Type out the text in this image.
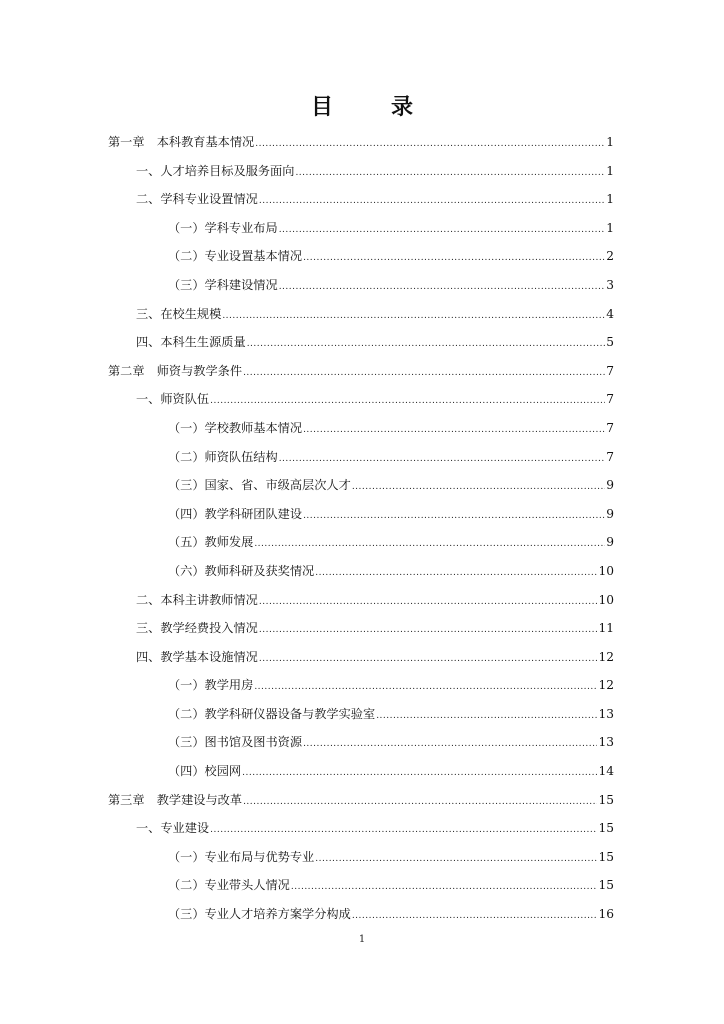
目　录
第一章　本科教育基本情况 .....	1
一、人才培养目标及服务面向 .....	1
二、学科专业设置情况 .....	1
（一）学科专业布局 .....	1
（二）专业设置基本情况 .....	2
（三）学科建设情况 .....	3
三、在校生规模 .....	4
四、本科生生源质量 .....	5
第二章　师资与教学条件 .....	7
一、师资队伍 .....	7
（一）学校教师基本情况 .....	7
（二）师资队伍结构 .....	7
（三）国家、省、市级高层次人才 .....	9
（四）教学科研团队建设 .....	9
（五）教师发展 .....	9
（六）教师科研及获奖情况 .....	10
二、本科主讲教师情况 .....	10
三、教学经费投入情况 .....	11
四、教学基本设施情况 .....	12
（一）教学用房 .....	12
（二）教学科研仪器设备与教学实验室 .....	13
（三）图书馆及图书资源 .....	13
（四）校园网 .....	14
第三章　教学建设与改革 .....	15
一、专业建设 .....	15
（一）专业布局与优势专业 .....	15
（二）专业带头人情况 .....	15
（三）专业人才培养方案学分构成 .....	16
1
